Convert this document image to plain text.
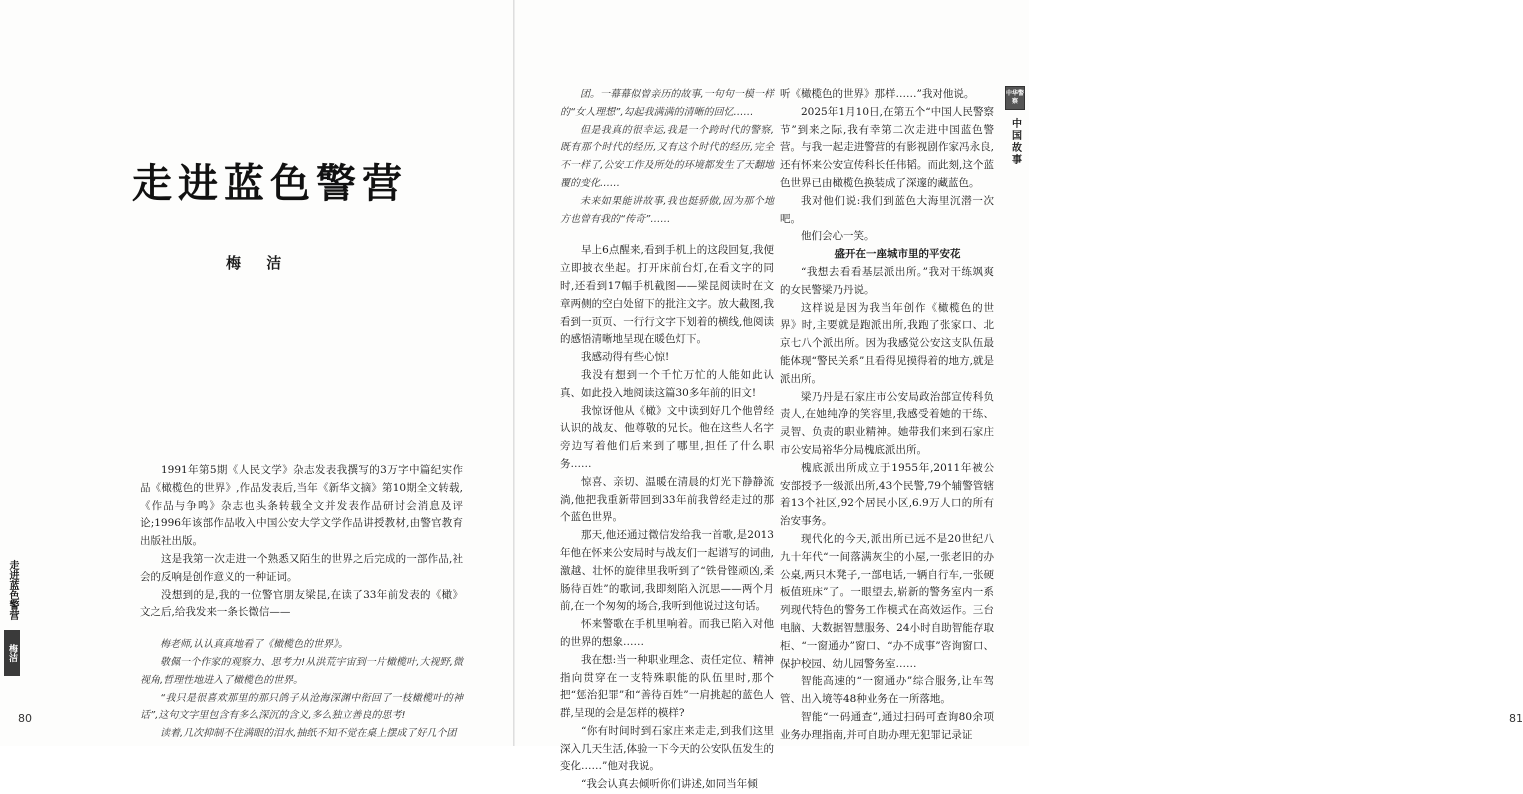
走进蓝色警营
梅 洁

1991年第5期《人民文学》杂志发表我撰写的3万字中篇纪实作品《橄榄色的世界》,作品发表后,当年《新华文摘》第10期全文转载,《作品与争鸣》杂志也头条转载全文并发表作品研讨会消息及评论;1996年该部作品收入中国公安大学文学作品讲授教材,由警官教育出版社出版。

这是我第一次走进一个熟悉又陌生的世界之后完成的一部作品,社会的反响是创作意义的一种证词。

没想到的是,我的一位警官朋友梁昆,在读了33年前发表的《橄》文之后,给我发来一条长微信——

梅老师,认认真真地看了《橄榄色的世界》。

敬佩一个作家的观察力、思考力!从洪荒宇宙到一片橄榄叶,大视野,微视角,哲理性地进入了橄榄色的世界。

“我只是很喜欢那里的那只鸽子从沧海深渊中衔回了一枝橄榄叶的神话”,这句文字里包含有多么深沉的含义,多么独立善良的思考!

读着,几次抑制不住满眼的泪水,抽纸不知不觉在桌上摆成了好几个团

走进蓝色警营
梅洁
80	81

团。一幕幕似曾亲历的故事,一句句一模一样的“女人理想”,勾起我满满的清晰的回忆……

但是我真的很幸运,我是一个跨时代的警察,既有那个时代的经历,又有这个时代的经历,完全不一样了,公安工作及所处的环境都发生了天翻地覆的变化……

未来如果能讲故事,我也挺骄傲,因为那个地方也曾有我的“传奇”……

早上6点醒来,看到手机上的这段回复,我便立即披衣坐起。打开床前台灯,在看文字的同时,还看到17幅手机截图——梁昆阅读时在文章两侧的空白处留下的批注文字。放大截图,我看到一页页、一行行文字下划着的横线,他阅读的感悟清晰地呈现在暖色灯下。

我感动得有些心惊!

我没有想到一个千忙万忙的人能如此认真、如此投入地阅读这篇30多年前的旧文!

我惊讶他从《橄》文中读到好几个他曾经认识的战友、他尊敬的兄长。他在这些人名字旁边写着他们后来到了哪里,担任了什么职务……

惊喜、亲切、温暖在清晨的灯光下静静流淌,他把我重新带回到33年前我曾经走过的那个蓝色世界。

那天,他还通过微信发给我一首歌,是2013年他在怀来公安局时与战友们一起谱写的词曲,激越、壮怀的旋律里我听到了“铁骨铿顽凶,柔肠待百姓”的歌词,我即刻陷入沉思——两个月前,在一个匆匆的场合,我听到他说过这句话。

怀来警歌在手机里响着。而我已陷入对他的世界的想象……

我在想:当一种职业理念、责任定位、精神指向贯穿在一支特殊职能的队伍里时,那个把“惩治犯罪”和“善待百姓”一肩挑起的蓝色人群,呈现的会是怎样的模样?

“你有时间时到石家庄来走走,到我们这里深入几天生活,体验一下今天的公安队伍发生的变化……”他对我说。

“我会认真去倾听你们讲述,如同当年倾

听《橄榄色的世界》那样……”我对他说。

2025年1月10日,在第五个“中国人民警察节”到来之际,我有幸第二次走进中国蓝色警营。与我一起走进警营的有影视剧作家冯永良,还有怀来公安宣传科长任伟韬。而此刻,这个蓝色世界已由橄榄色换装成了深邃的藏蓝色。

我对他们说:我们到蓝色大海里沉潜一次吧。

他们会心一笑。

盛开在一座城市里的平安花

“我想去看看基层派出所。”我对干练飒爽的女民警梁乃丹说。

这样说是因为我当年创作《橄榄色的世界》时,主要就是跑派出所,我跑了张家口、北京七八个派出所。因为我感觉公安这支队伍最能体现“警民关系”且看得见摸得着的地方,就是派出所。

梁乃丹是石家庄市公安局政治部宣传科负责人,在她纯净的笑容里,我感受着她的干练、灵智、负责的职业精神。她带我们来到石家庄市公安局裕华分局槐底派出所。

槐底派出所成立于1955年,2011年被公安部授予一级派出所,43个民警,79个辅警管辖着13个社区,92个居民小区,6.9万人口的所有治安事务。

现代化的今天,派出所已远不是20世纪八九十年代“一间落满灰尘的小屋,一张老旧的办公桌,两只木凳子,一部电话,一辆自行车,一张硬板值班床”了。一眼望去,崭新的警务室内一系列现代特色的警务工作模式在高效运作。三台电脑、大数据智慧服务、24小时自助智能存取柜、“一窗通办”窗口、“办不成事”咨询窗口、保护校园、幼儿园警务室……

智能高速的“一窗通办”综合服务,让车驾管、出入境等48种业务在一所落地。

智能“一码通查”,通过扫码可查询80余项业务办理指南,并可自助办理无犯罪记录证

中华警察
中国故事
